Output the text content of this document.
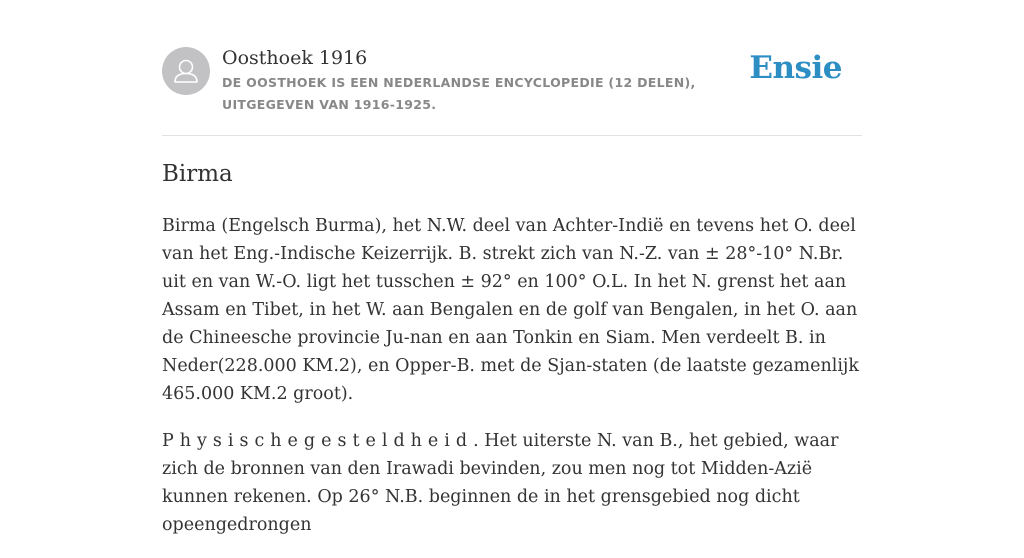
Oosthoek 1916
DE OOSTHOEK IS EEN NEDERLANDSE ENCYCLOPEDIE (12 DELEN), UITGEGEVEN VAN 1916-1925.
Ensie
Birma

Birma (Engelsch Burma), het N.W. deel van Achter-Indië en tevens het O. deel van het Eng.-Indische Keizerrijk. B. strekt zich van N.-Z. van ± 28°-10° N.Br. uit en van W.-O. ligt het tusschen ± 92° en 100° O.L. In het N. grenst het aan Assam en Tibet, in het W. aan Bengalen en de golf van Bengalen, in het O. aan de Chineesche provincie Ju-nan en aan Tonkin en Siam. Men verdeelt B. in Neder(228.000 KM.2), en Opper-B. met de Sjan-staten (de laatste gezamenlijk 465.000 KM.2 groot).

Physischegesteldheid. Het uiterste N. van B., het gebied, waar zich de bronnen van den Irawadi bevinden, zou men nog tot Midden-Azië kunnen rekenen. Op 26° N.B. beginnen de in het grensgebied nog dicht opeengedrongen
